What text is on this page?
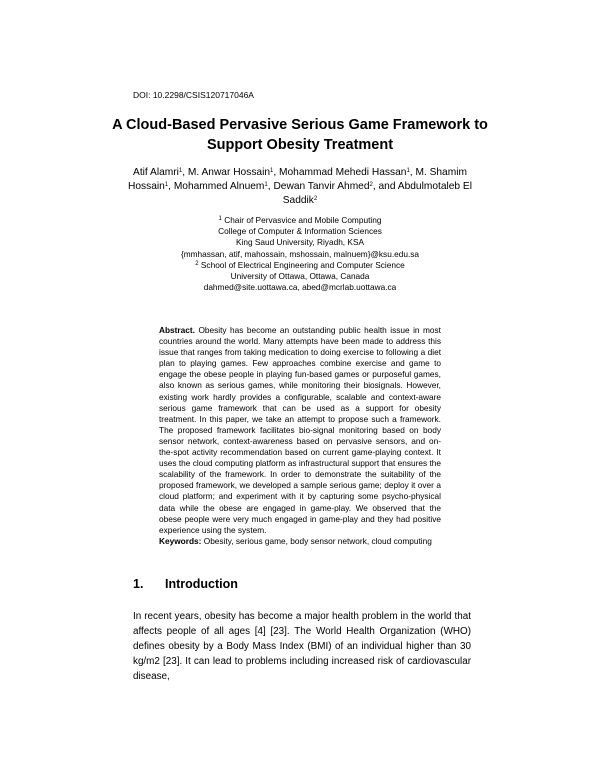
DOI: 10.2298/CSIS120717046A
A Cloud-Based Pervasive Serious Game Framework to Support Obesity Treatment
Atif Alamri$^1$, M. Anwar Hossain$^1$, Mohammad Mehedi Hassan$^1$, M. Shamim Hossain$^1$, Mohammed Alnuem$^1$, Dewan Tanvir Ahmed$^2$, and Abdulmotaleb El Saddik$^2$
$^1$ Chair of Pervasvice and Mobile Computing
College of Computer & Information Sciences
King Saud University, Riyadh, KSA
{mmhassan, atif, mahossain, mshossain, malnuem}@ksu.edu.sa
$^2$ School of Electrical Engineering and Computer Science
University of Ottawa, Ottawa, Canada
dahmed@site.uottawa.ca, abed@mcrlab.uottawa.ca
Abstract. Obesity has become an outstanding public health issue in most countries around the world. Many attempts have been made to address this issue that ranges from taking medication to doing exercise to following a diet plan to playing games. Few approaches combine exercise and game to engage the obese people in playing fun-based games or purposeful games, also known as serious games, while monitoring their biosignals. However, existing work hardly provides a configurable, scalable and context-aware serious game framework that can be used as a support for obesity treatment. In this paper, we take an attempt to propose such a framework. The proposed framework facilitates bio-signal monitoring based on body sensor network, context-awareness based on pervasive sensors, and on-the-spot activity recommendation based on current game-playing context. It uses the cloud computing platform as infrastructural support that ensures the scalability of the framework. In order to demonstrate the suitability of the proposed framework, we developed a sample serious game; deploy it over a cloud platform; and experiment with it by capturing some psycho-physical data while the obese are engaged in game-play. We observed that the obese people were very much engaged in game-play and they had positive experience using the system.
Keywords: Obesity, serious game, body sensor network, cloud computing
1. Introduction
In recent years, obesity has become a major health problem in the world that affects people of all ages [4] [23]. The World Health Organization (WHO) defines obesity by a Body Mass Index (BMI) of an individual higher than 30 kg/m2 [23]. It can lead to problems including increased risk of cardiovascular disease,
